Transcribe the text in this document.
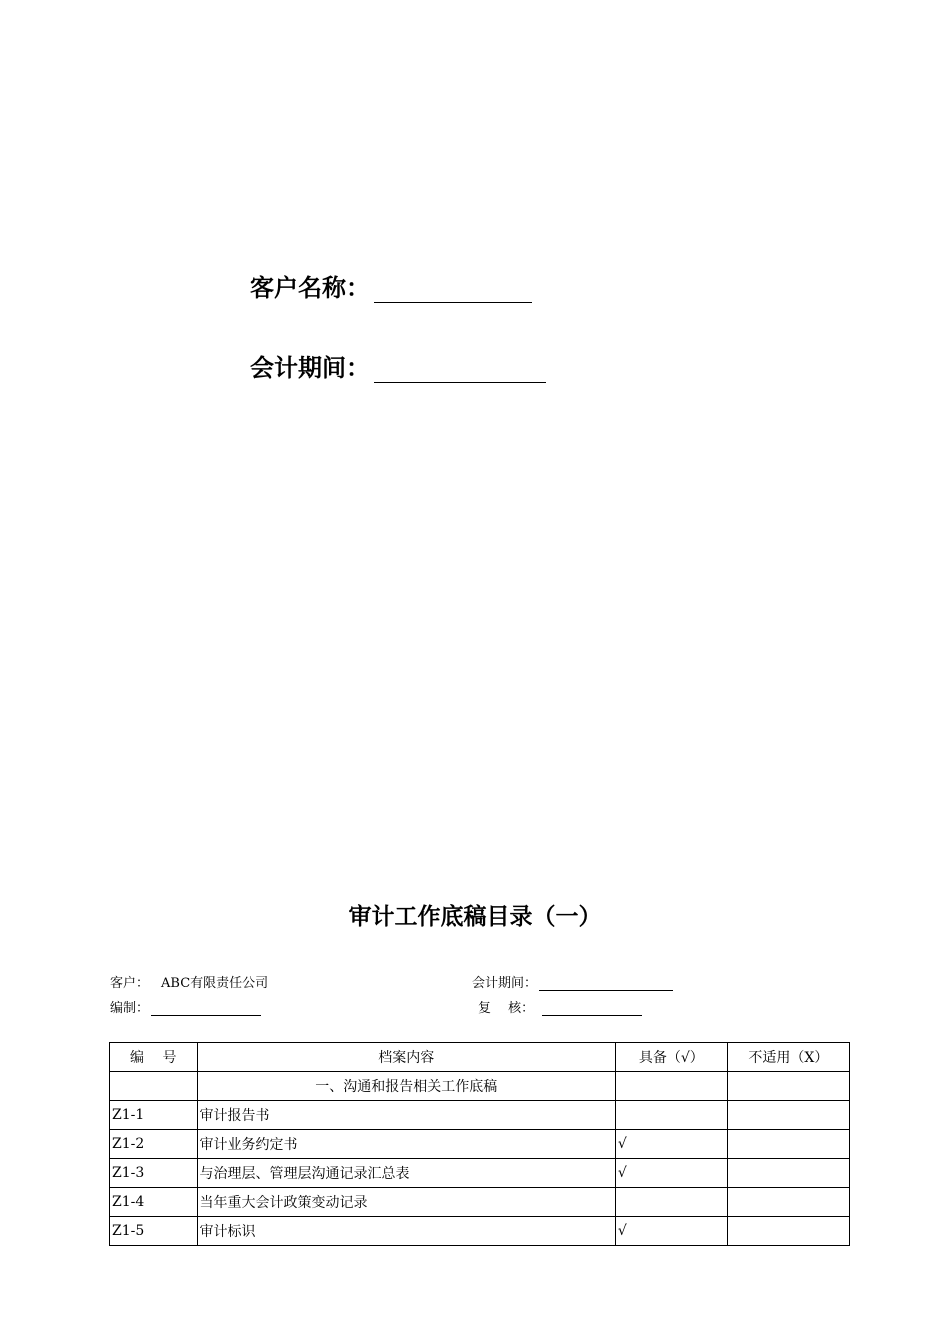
客户名称：
会计期间：
审计工作底稿目录（一）
客户： ABC有限责任公司	会计期间：
编制：	复　 核：
编　 号	档案内容	具备（√）	不适用（X）
	一、沟通和报告相关工作底稿		
Z1-1	审计报告书		
Z1-2	审计业务约定书	√	
Z1-3	与治理层、管理层沟通记录汇总表	√	
Z1-4	当年重大会计政策变动记录		
Z1-5	审计标识	√	
